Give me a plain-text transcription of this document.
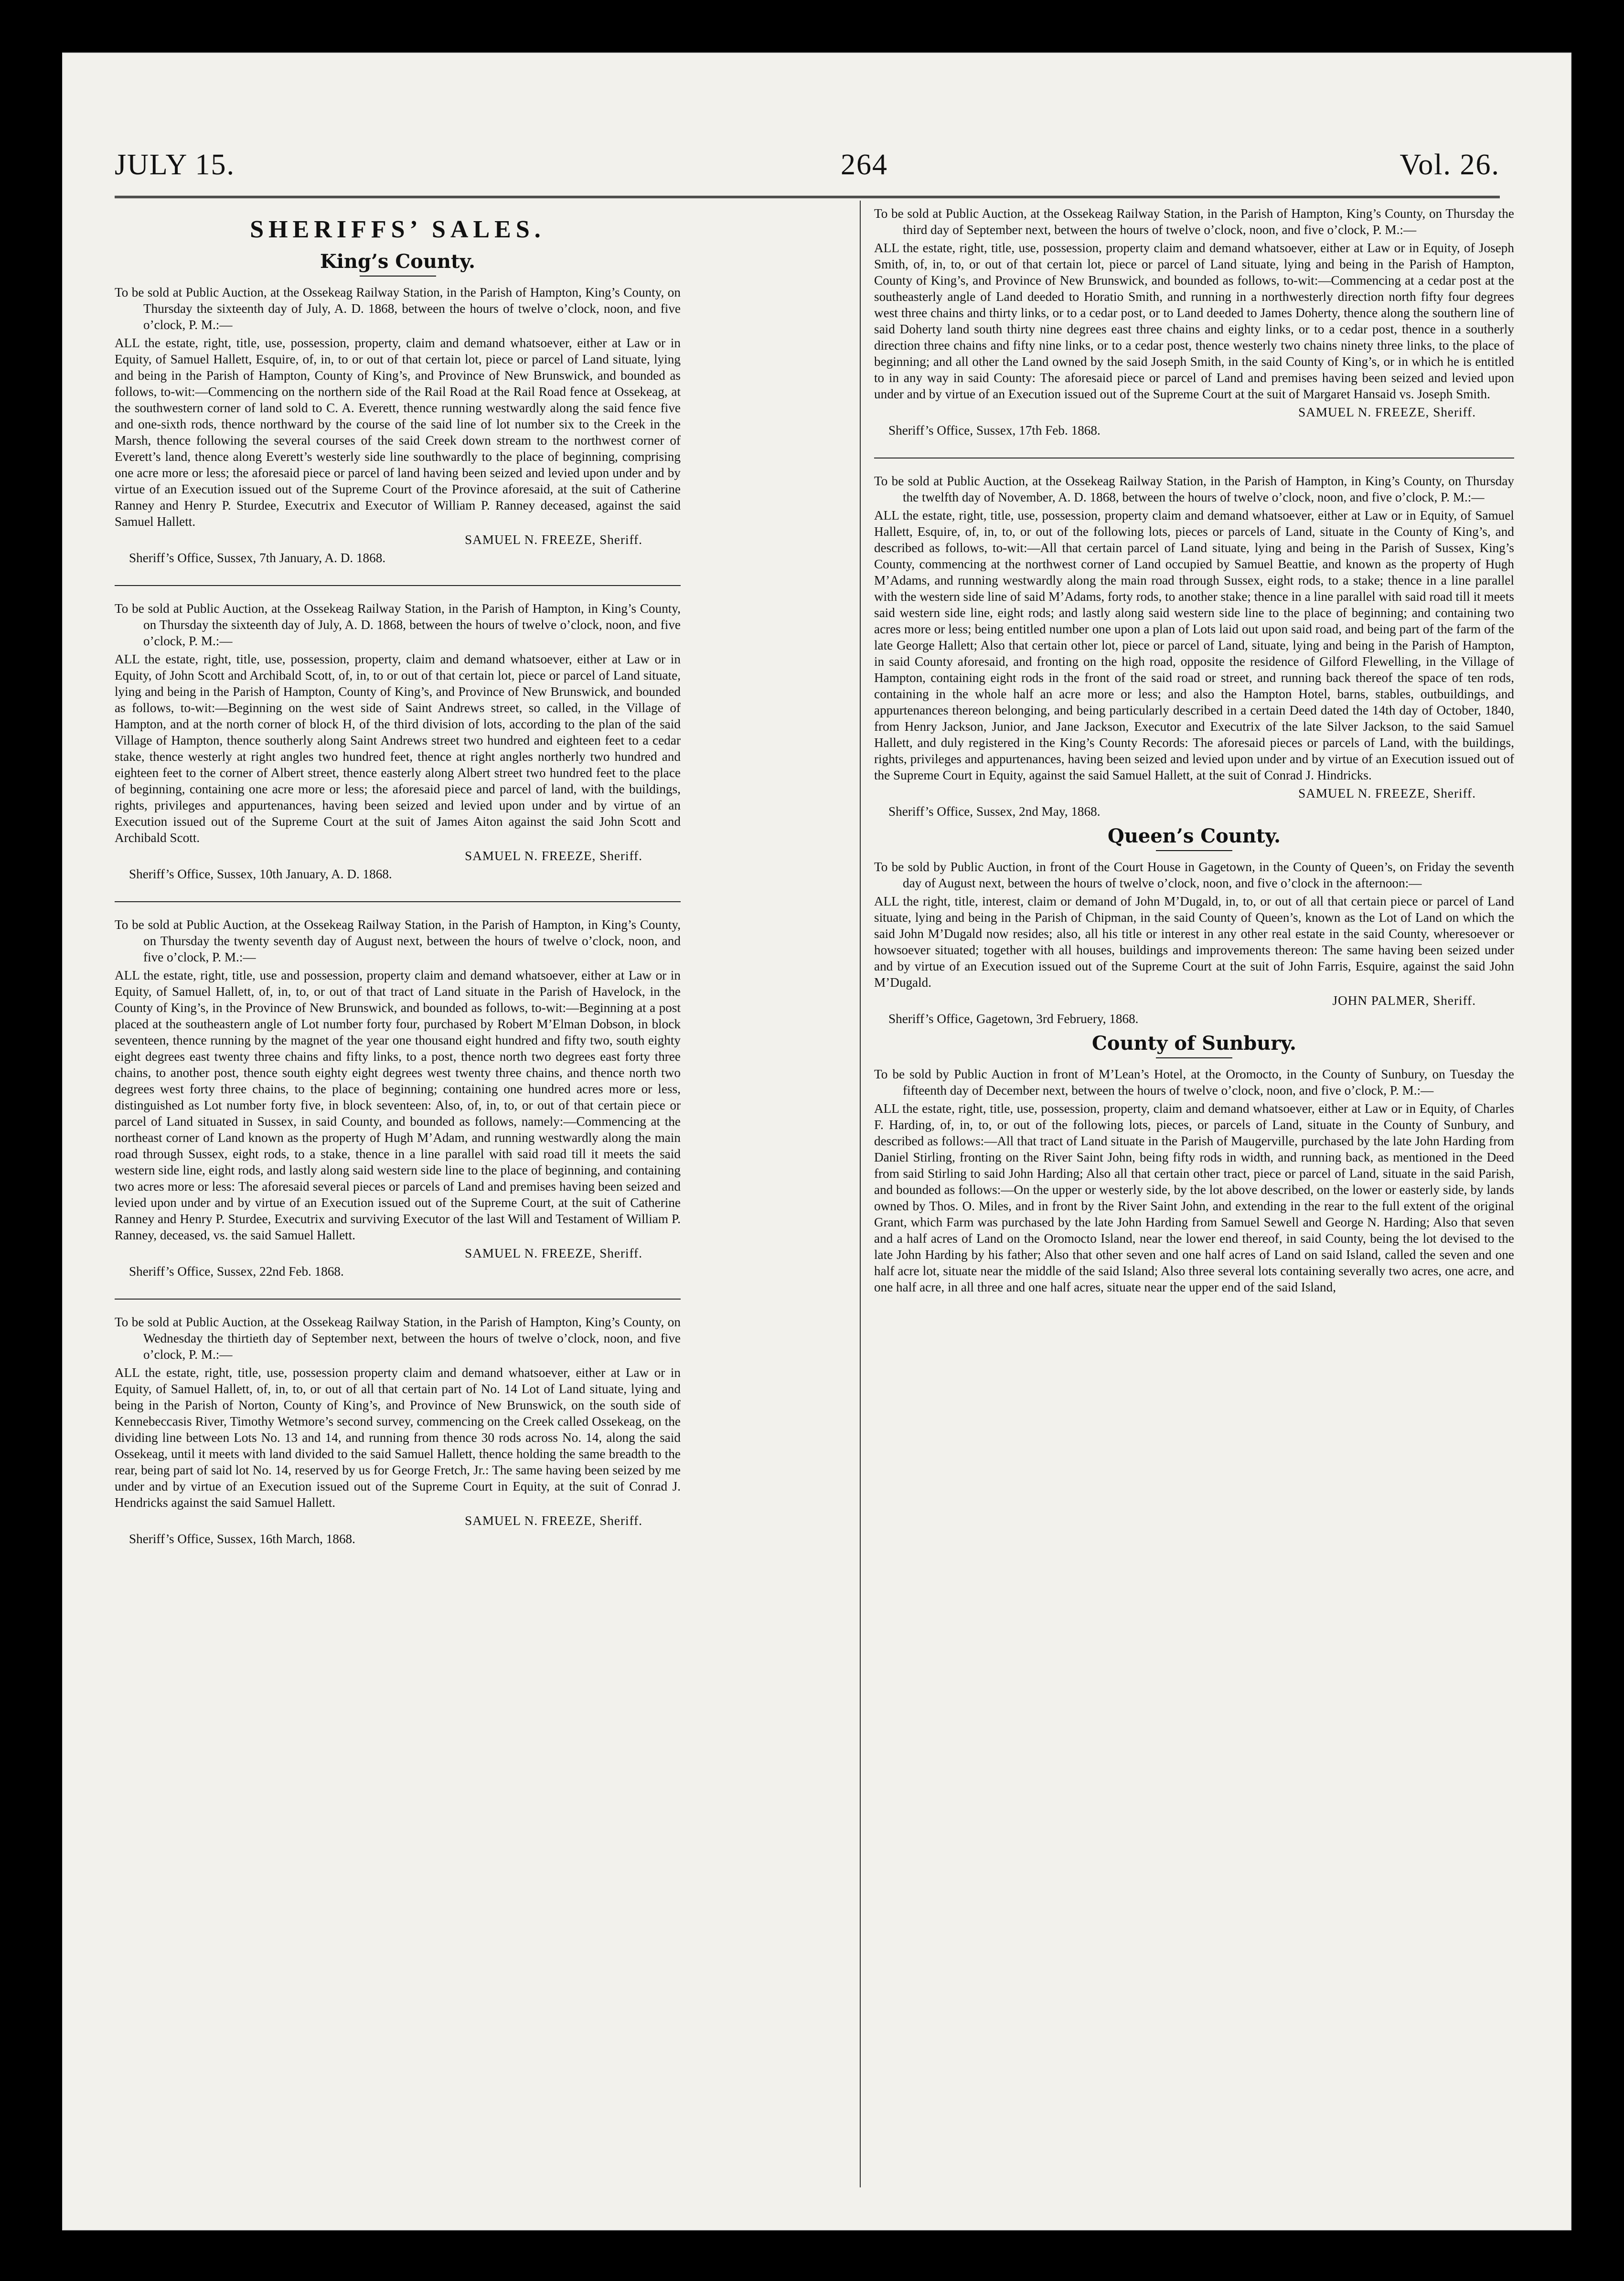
JULY 15.	264	Vol. 26.
SHERIFFS’ SALES.
King’s County.

To be sold at Public Auction, at the Ossekeag Railway Station, in the Parish of Hampton, King’s County, on Thursday the sixteenth day of July, A. D. 1868, between the hours of twelve o’clock, noon, and five o’clock, P. M.:—

ALL the estate, right, title, use, possession, property, claim and demand whatsoever, either at Law or in Equity, of Samuel Hallett, Esquire, of, in, to or out of that certain lot, piece or parcel of Land situate, lying and being in the Parish of Hampton, County of King’s, and Province of New Brunswick, and bounded as follows, to-wit:—Commencing on the northern side of the Rail Road at the Rail Road fence at Ossekeag, at the southwestern corner of land sold to C. A. Everett, thence running westwardly along the said fence five and one-sixth rods, thence northward by the course of the said line of lot number six to the Creek in the Marsh, thence following the several courses of the said Creek down stream to the northwest corner of Everett’s land, thence along Everett’s westerly side line southwardly to the place of beginning, comprising one acre more or less; the aforesaid piece or parcel of land having been seized and levied upon under and by virtue of an Execution issued out of the Supreme Court of the Province aforesaid, at the suit of Catherine Ranney and Henry P. Sturdee, Executrix and Executor of William P. Ranney deceased, against the said Samuel Hallett.

SAMUEL N. FREEZE, Sheriff.

Sheriff’s Office, Sussex, 7th January, A. D. 1868.

To be sold at Public Auction, at the Ossekeag Railway Station, in the Parish of Hampton, in King’s County, on Thursday the sixteenth day of July, A. D. 1868, between the hours of twelve o’clock, noon, and five o’clock, P. M.:—

ALL the estate, right, title, use, possession, property, claim and demand whatsoever, either at Law or in Equity, of John Scott and Archibald Scott, of, in, to or out of that certain lot, piece or parcel of Land situate, lying and being in the Parish of Hampton, County of King’s, and Province of New Brunswick, and bounded as follows, to-wit:—Beginning on the west side of Saint Andrews street, so called, in the Village of Hampton, and at the north corner of block H, of the third division of lots, according to the plan of the said Village of Hampton, thence southerly along Saint Andrews street two hundred and eighteen feet to a cedar stake, thence westerly at right angles two hundred feet, thence at right angles northerly two hundred and eighteen feet to the corner of Albert street, thence easterly along Albert street two hundred feet to the place of beginning, containing one acre more or less; the aforesaid piece and parcel of land, with the buildings, rights, privileges and appurtenances, having been seized and levied upon under and by virtue of an Execution issued out of the Supreme Court at the suit of James Aiton against the said John Scott and Archibald Scott.

SAMUEL N. FREEZE, Sheriff.

Sheriff’s Office, Sussex, 10th January, A. D. 1868.

To be sold at Public Auction, at the Ossekeag Railway Station, in the Parish of Hampton, in King’s County, on Thursday the twenty seventh day of August next, between the hours of twelve o’clock, noon, and five o’clock, P. M.:—

ALL the estate, right, title, use and possession, property claim and demand whatsoever, either at Law or in Equity, of Samuel Hallett, of, in, to, or out of that tract of Land situate in the Parish of Havelock, in the County of King’s, in the Province of New Brunswick, and bounded as follows, to-wit:—Beginning at a post placed at the southeastern angle of Lot number forty four, purchased by Robert M’Elman Dobson, in block seventeen, thence running by the magnet of the year one thousand eight hundred and fifty two, south eighty eight degrees east twenty three chains and fifty links, to a post, thence north two degrees east forty three chains, to another post, thence south eighty eight degrees west twenty three chains, and thence north two degrees west forty three chains, to the place of beginning; containing one hundred acres more or less, distinguished as Lot number forty five, in block seventeen: Also, of, in, to, or out of that certain piece or parcel of Land situated in Sussex, in said County, and bounded as follows, namely:—Commencing at the northeast corner of Land known as the property of Hugh M’Adam, and running westwardly along the main road through Sussex, eight rods, to a stake, thence in a line parallel with said road till it meets the said western side line, eight rods, and lastly along said western side line to the place of beginning, and containing two acres more or less: The aforesaid several pieces or parcels of Land and premises having been seized and levied upon under and by virtue of an Execution issued out of the Supreme Court, at the suit of Catherine Ranney and Henry P. Sturdee, Executrix and surviving Executor of the last Will and Testament of William P. Ranney, deceased, vs. the said Samuel Hallett.

SAMUEL N. FREEZE, Sheriff.

Sheriff’s Office, Sussex, 22nd Feb. 1868.

To be sold at Public Auction, at the Ossekeag Railway Station, in the Parish of Hampton, King’s County, on Wednesday the thirtieth day of September next, between the hours of twelve o’clock, noon, and five o’clock, P. M.:—

ALL the estate, right, title, use, possession property claim and demand whatsoever, either at Law or in Equity, of Samuel Hallett, of, in, to, or out of all that certain part of No. 14 Lot of Land situate, lying and being in the Parish of Norton, County of King’s, and Province of New Brunswick, on the south side of Kennebeccasis River, Timothy Wetmore’s second survey, commencing on the Creek called Ossekeag, on the dividing line between Lots No. 13 and 14, and running from thence 30 rods across No. 14, along the said Ossekeag, until it meets with land divided to the said Samuel Hallett, thence holding the same breadth to the rear, being part of said lot No. 14, reserved by us for George Fretch, Jr.: The same having been seized by me under and by virtue of an Execution issued out of the Supreme Court in Equity, at the suit of Conrad J. Hendricks against the said Samuel Hallett.

SAMUEL N. FREEZE, Sheriff.

Sheriff’s Office, Sussex, 16th March, 1868.

To be sold at Public Auction, at the Ossekeag Railway Station, in the Parish of Hampton, King’s County, on Thursday the third day of September next, between the hours of twelve o’clock, noon, and five o’clock, P. M.:—

ALL the estate, right, title, use, possession, property claim and demand whatsoever, either at Law or in Equity, of Joseph Smith, of, in, to, or out of that certain lot, piece or parcel of Land situate, lying and being in the Parish of Hampton, County of King’s, and Province of New Brunswick, and bounded as follows, to-wit:—Commencing at a cedar post at the southeasterly angle of Land deeded to Horatio Smith, and running in a northwesterly direction north fifty four degrees west three chains and thirty links, or to a cedar post, or to Land deeded to James Doherty, thence along the southern line of said Doherty land south thirty nine degrees east three chains and eighty links, or to a cedar post, thence in a southerly direction three chains and fifty nine links, or to a cedar post, thence westerly two chains ninety three links, to the place of beginning; and all other the Land owned by the said Joseph Smith, in the said County of King’s, or in which he is entitled to in any way in said County: The aforesaid piece or parcel of Land and premises having been seized and levied upon under and by virtue of an Execution issued out of the Supreme Court at the suit of Margaret Hansaid vs. Joseph Smith.

SAMUEL N. FREEZE, Sheriff.

Sheriff’s Office, Sussex, 17th Feb. 1868.

To be sold at Public Auction, at the Ossekeag Railway Station, in the Parish of Hampton, in King’s County, on Thursday the twelfth day of November, A. D. 1868, between the hours of twelve o’clock, noon, and five o’clock, P. M.:—

ALL the estate, right, title, use, possession, property claim and demand whatsoever, either at Law or in Equity, of Samuel Hallett, Esquire, of, in, to, or out of the following lots, pieces or parcels of Land, situate in the County of King’s, and described as follows, to-wit:—All that certain parcel of Land situate, lying and being in the Parish of Sussex, King’s County, commencing at the northwest corner of Land occupied by Samuel Beattie, and known as the property of Hugh M’Adams, and running westwardly along the main road through Sussex, eight rods, to a stake; thence in a line parallel with the western side line of said M’Adams, forty rods, to another stake; thence in a line parallel with said road till it meets said western side line, eight rods; and lastly along said western side line to the place of beginning; and containing two acres more or less; being entitled number one upon a plan of Lots laid out upon said road, and being part of the farm of the late George Hallett; Also that certain other lot, piece or parcel of Land, situate, lying and being in the Parish of Hampton, in said County aforesaid, and fronting on the high road, opposite the residence of Gilford Flewelling, in the Village of Hampton, containing eight rods in the front of the said road or street, and running back thereof the space of ten rods, containing in the whole half an acre more or less; and also the Hampton Hotel, barns, stables, outbuildings, and appurtenances thereon belonging, and being particularly described in a certain Deed dated the 14th day of October, 1840, from Henry Jackson, Junior, and Jane Jackson, Executor and Executrix of the late Silver Jackson, to the said Samuel Hallett, and duly registered in the King’s County Records: The aforesaid pieces or parcels of Land, with the buildings, rights, privileges and appurtenances, having been seized and levied upon under and by virtue of an Execution issued out of the Supreme Court in Equity, against the said Samuel Hallett, at the suit of Conrad J. Hindricks.

SAMUEL N. FREEZE, Sheriff.

Sheriff’s Office, Sussex, 2nd May, 1868.

Queen’s County.

To be sold by Public Auction, in front of the Court House in Gagetown, in the County of Queen’s, on Friday the seventh day of August next, between the hours of twelve o’clock, noon, and five o’clock in the afternoon:—

ALL the right, title, interest, claim or demand of John M’Dugald, in, to, or out of all that certain piece or parcel of Land situate, lying and being in the Parish of Chipman, in the said County of Queen’s, known as the Lot of Land on which the said John M’Dugald now resides; also, all his title or interest in any other real estate in the said County, wheresoever or howsoever situated; together with all houses, buildings and improvements thereon: The same having been seized under and by virtue of an Execution issued out of the Supreme Court at the suit of John Farris, Esquire, against the said John M’Dugald.

JOHN PALMER, Sheriff.

Sheriff’s Office, Gagetown, 3rd Februery, 1868.

County of Sunbury.

To be sold by Public Auction in front of M’Lean’s Hotel, at the Oromocto, in the County of Sunbury, on Tuesday the fifteenth day of December next, between the hours of twelve o’clock, noon, and five o’clock, P. M.:—

ALL the estate, right, title, use, possession, property, claim and demand whatsoever, either at Law or in Equity, of Charles F. Harding, of, in, to, or out of the following lots, pieces, or parcels of Land, situate in the County of Sunbury, and described as follows:—All that tract of Land situate in the Parish of Maugerville, purchased by the late John Harding from Daniel Stirling, fronting on the River Saint John, being fifty rods in width, and running back, as mentioned in the Deed from said Stirling to said John Harding; Also all that certain other tract, piece or parcel of Land, situate in the said Parish, and bounded as follows:—On the upper or westerly side, by the lot above described, on the lower or easterly side, by lands owned by Thos. O. Miles, and in front by the River Saint John, and extending in the rear to the full extent of the original Grant, which Farm was purchased by the late John Harding from Samuel Sewell and George N. Harding; Also that seven and a half acres of Land on the Oromocto Island, near the lower end thereof, in said County, being the lot devised to the late John Harding by his father; Also that other seven and one half acres of Land on said Island, called the seven and one half acre lot, situate near the middle of the said Island; Also three several lots containing severally two acres, one acre, and one half acre, in all three and one half acres, situate near the upper end of the said Island,
